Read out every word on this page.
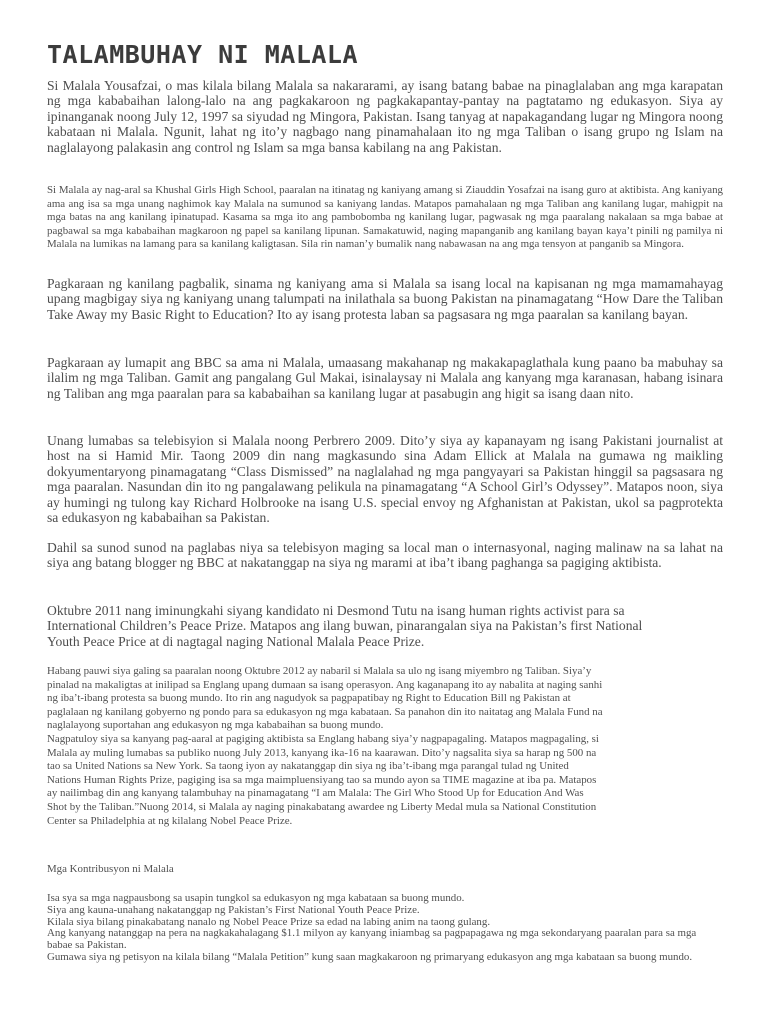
TALAMBUHAY NI MALALA

Si Malala Yousafzai, o mas kilala bilang Malala sa nakararami, ay isang batang babae na pinaglalaban ang mga karapatan ng mga kababaihan lalong-lalo na ang pagkakaroon ng pagkakapantay-pantay na pagtatamo ng edukasyon. Siya ay ipinanganak noong July 12, 1997 sa siyudad ng Mingora, Pakistan. Isang tanyag at napakagandang lugar ng Mingora noong kabataan ni Malala. Ngunit, lahat ng ito’y nagbago nang pinamahalaan ito ng mga Taliban o isang grupo ng Islam na naglalayong palakasin ang control ng Islam sa mga bansa kabilang na ang Pakistan.

Si Malala ay nag-aral sa Khushal Girls High School, paaralan na itinatag ng kaniyang amang si Ziauddin Yosafzai na isang guro at aktibista. Ang kaniyang ama ang isa sa mga unang naghimok kay Malala na sumunod sa kaniyang landas. Matapos pamahalaan ng mga Taliban ang kanilang lugar, mahigpit na mga batas na ang kanilang ipinatupad. Kasama sa mga ito ang pambobomba ng kanilang lugar, pagwasak ng mga paaralang nakalaan sa mga babae at pagbawal sa mga kababaihan magkaroon ng papel sa kanilang lipunan. Samakatuwid, naging mapanganib ang kanilang bayan kaya’t pinili ng pamilya ni Malala na lumikas na lamang para sa kanilang kaligtasan. Sila rin naman’y bumalik nang nabawasan na ang mga tensyon at panganib sa Mingora.

Pagkaraan ng kanilang pagbalik, sinama ng kaniyang ama si Malala sa isang local na kapisanan ng mga mamamahayag upang magbigay siya ng kaniyang unang talumpati na inilathala sa buong Pakistan na pinamagatang “How Dare the Taliban Take Away my Basic Right to Education? Ito ay isang protesta laban sa pagsasara ng mga paaralan sa kanilang bayan.

Pagkaraan ay lumapit ang BBC sa ama ni Malala, umaasang makahanap ng makakapaglathala kung paano ba mabuhay sa ilalim ng mga Taliban. Gamit ang pangalang Gul Makai, isinalaysay ni Malala ang kanyang mga karanasan, habang isinara ng Taliban ang mga paaralan para sa kababaihan sa kanilang lugar at pasabugin ang higit sa isang daan nito.

Unang lumabas sa telebisyion si Malala noong Perbrero 2009. Dito’y siya ay kapanayam ng isang Pakistani journalist at host na si Hamid Mir. Taong 2009 din nang magkasundo sina Adam Ellick at Malala na gumawa ng maikling dokyumentaryong pinamagatang “Class Dismissed” na naglalahad ng mga pangyayari sa Pakistan hinggil sa pagsasara ng mga paaralan. Nasundan din ito ng pangalawang pelikula na pinamagatang “A School Girl’s Odyssey”. Matapos noon, siya ay humingi ng tulong kay Richard Holbrooke na isang U.S. special envoy ng Afghanistan at Pakistan, ukol sa pagprotekta sa edukasyon ng kababaihan sa Pakistan.

Dahil sa sunod sunod na paglabas niya sa telebisyon maging sa local man o internasyonal, naging malinaw na sa lahat na siya ang batang blogger ng BBC at nakatanggap na siya ng marami at iba’t ibang paghanga sa pagiging aktibista.

Oktubre 2011 nang iminungkahi siyang kandidato ni Desmond Tutu na isang human rights activist para sa
International Children’s Peace Prize. Matapos ang ilang buwan, pinarangalan siya na Pakistan’s first National
Youth Peace Price at di nagtagal naging National Malala Peace Prize.

Habang pauwi siya galing sa paaralan noong Oktubre 2012 ay nabaril si Malala sa ulo ng isang miyembro ng Taliban. Siya’y
pinalad na makaligtas at inilipad sa Englang upang dumaan sa isang operasyon. Ang kaganapang ito ay nabalita at naging sanhi
ng iba’t-ibang protesta sa buong mundo. Ito rin ang nagudyok sa pagpapatibay ng Right to Education Bill ng Pakistan at
paglalaan ng kanilang gobyerno ng pondo para sa edukasyon ng mga kabataan. Sa panahon din ito naitatag ang Malala Fund na
naglalayong suportahan ang edukasyon ng mga kababaihan sa buong mundo.
Nagpatuloy siya sa kanyang pag-aaral at pagiging aktibista sa Englang habang siya’y nagpapagaling. Matapos magpagaling, si
Malala ay muling lumabas sa publiko nuong July 2013, kanyang ika-16 na kaarawan. Dito’y nagsalita siya sa harap ng 500 na
tao sa United Nations sa New York. Sa taong iyon ay nakatanggap din siya ng iba’t-ibang mga parangal tulad ng United
Nations Human Rights Prize, pagiging isa sa mga maimpluensiyang tao sa mundo ayon sa TIME magazine at iba pa. Matapos
ay nailimbag din ang kanyang talambuhay na pinamagatang “I am Malala: The Girl Who Stood Up for Education And Was
Shot by the Taliban.”Nuong 2014, si Malala ay naging pinakabatang awardee ng Liberty Medal mula sa National Constitution
Center sa Philadelphia at ng kilalang Nobel Peace Prize.

Mga Kontribusyon ni Malala

Isa sya sa mga nagpausbong sa usapin tungkol sa edukasyon ng mga kabataan sa buong mundo.
Siya ang kauna-unahang nakatanggap ng Pakistan’s First National Youth Peace Prize.
Kilala siya bilang pinakabatang nanalo ng Nobel Peace Prize sa edad na labing anim na taong gulang.
Ang kanyang natanggap na pera na nagkakahalagang $1.1 milyon ay kanyang iniambag sa pagpapagawa ng mga sekondaryang paaralan para sa mga babae sa Pakistan.
Gumawa siya ng petisyon na kilala bilang “Malala Petition” kung saan magkakaroon ng primaryang edukasyon ang mga kabataan sa buong mundo.
